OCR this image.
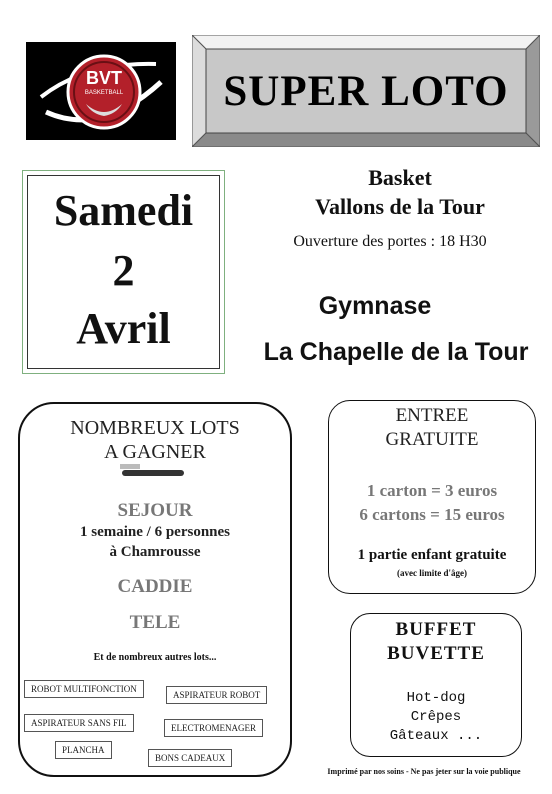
BVT
BASKETBALL	SUPER LOTO
Samedi
2
Avril
Basket
Vallons de la Tour
Ouverture des portes : 18 H30
Gymnase
La Chapelle de la Tour
NOMBREUX LOTS
A GAGNER
SEJOUR
1 semaine / 6 personnes
à Chamrousse
CADDIE
TELE
Et de nombreux autres lots...
ROBOT MULTIFONCTION
ASPIRATEUR ROBOT
ASPIRATEUR SANS FIL	ELECTROMENAGER
PLANCHA
BONS CADEAUX
ENTREE
GRATUITE
1 carton = 3 euros
6 cartons = 15 euros
1 partie enfant gratuite
(avec limite d'âge)
BUFFET
BUVETTE
Hot-dog
Crêpes
Gâteaux ...
Imprimé par nos soins - Ne pas jeter sur la voie publique
